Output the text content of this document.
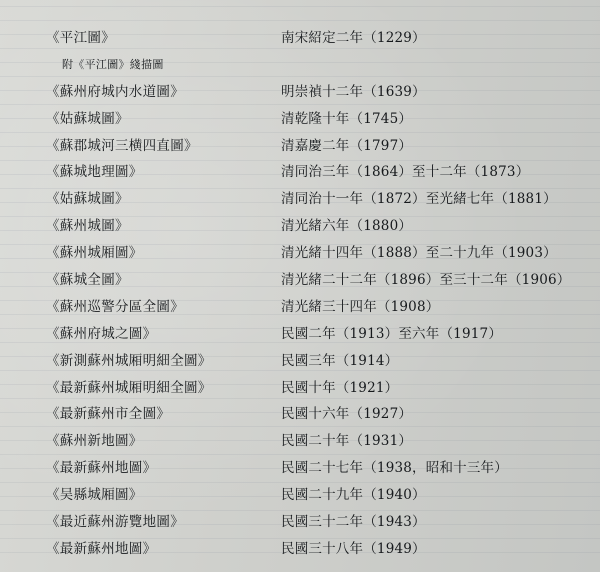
《平江圖》	南宋紹定二年（1229）
附《平江圖》綫描圖
《蘇州府城内水道圖》	明崇禎十二年（1639）
《姑蘇城圖》	清乾隆十年（1745）
《蘇郡城河三横四直圖》	清嘉慶二年（1797）
《蘇城地理圖》	清同治三年（1864）至十二年（1873）
《姑蘇城圖》	清同治十一年（1872）至光緒七年（1881）
《蘇州城圖》	清光緒六年（1880）
《蘇州城厢圖》	清光緒十四年（1888）至二十九年（1903）
《蘇城全圖》	清光緒二十二年（1896）至三十二年（1906）
《蘇州巡警分區全圖》	清光緒三十四年（1908）
《蘇州府城之圖》	民國二年（1913）至六年（1917）
《新測蘇州城厢明細全圖》	民國三年（1914）
《最新蘇州城厢明細全圖》	民國十年（1921）
《最新蘇州市全圖》	民國十六年（1927）
《蘇州新地圖》	民國二十年（1931）
《最新蘇州地圖》	民國二十七年（1938，昭和十三年）
《吴縣城厢圖》	民國二十九年（1940）
《最近蘇州游覽地圖》	民國三十二年（1943）
《最新蘇州地圖》	民國三十八年（1949）
